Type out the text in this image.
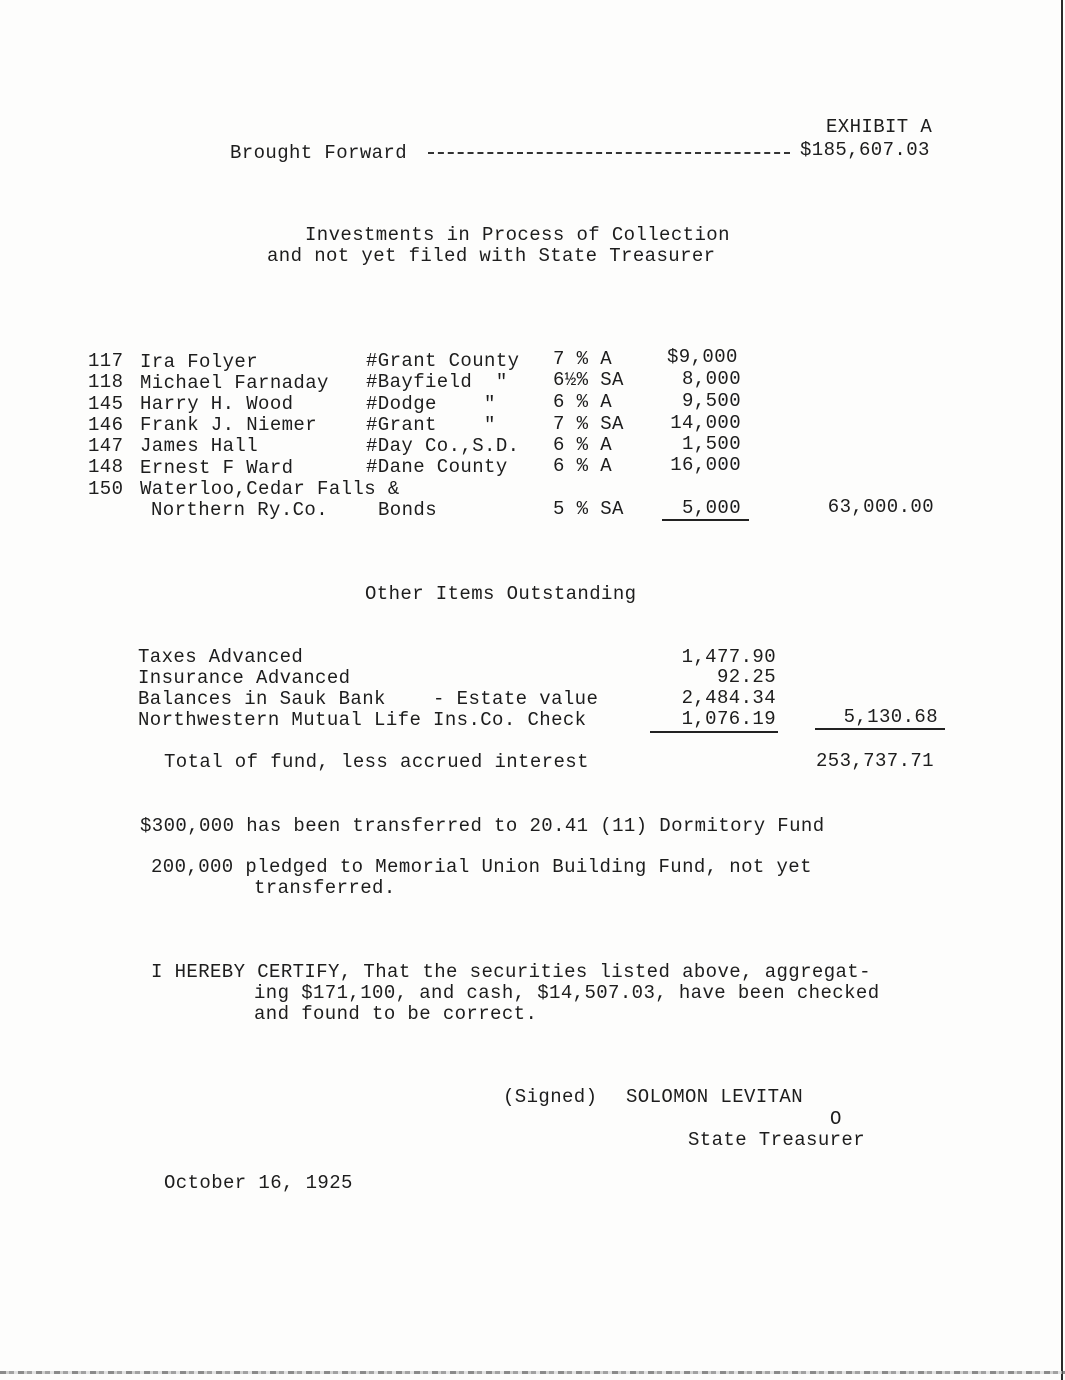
EXHIBIT A
Brought Forward	$185,607.03
Investments in Process of Collection
and not yet filed with State Treasurer
117 Ira Folyer	#Grant County 7 % A	$9,000
118 Michael Farnaday #Bayfield  " 6½% SA	8,000
145 Harry H. Wood	#Dodge    "	6 % A	9,500
146 Frank J. Niemer	#Grant    "	7 % SA	14,000
147 James Hall	#Day Co.,S.D. 6 % A	1,500
148 Ernest F Ward	#Dane County 6 % A	16,000
150 Waterloo,Cedar Falls &
Northern Ry.Co.	Bonds	5 % SA	5,000	63,000.00
Other Items Outstanding
Taxes Advanced	1,477.90
Insurance Advanced	92.25
Balances in Sauk Bank    - Estate value	2,484.34
Northwestern Mutual Life Ins.Co. Check	1,076.19	5,130.68
Total of fund, less accrued interest	253,737.71
$300,000 has been transferred to 20.41 (11) Dormitory Fund
200,000 pledged to Memorial Union Building Fund, not yet
transferred.
I HEREBY CERTIFY, That the securities listed above, aggregat-
ing $171,100, and cash, $14,507.03, have been checked
and found to be correct.
(Signed) SOLOMON LEVITAN
O
State Treasurer
October 16, 1925
